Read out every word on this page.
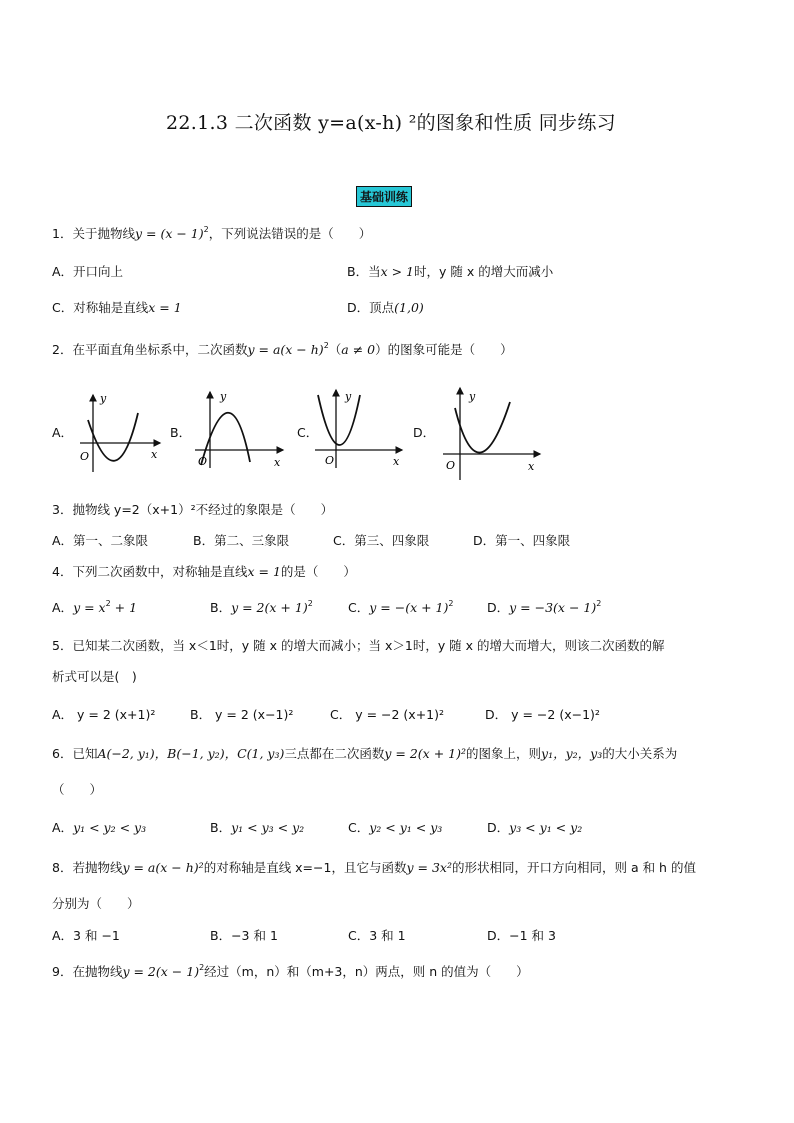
22.1.3 二次函数 y=a(x-h) ²的图象和性质 同步练习
基础训练
1．关于抛物线$y = (x - 1)^2$，下列说法错误的是（　　）
A．开口向上	B．当x > 1时，y 随 x 的增大而减小
C．对称轴是直线x = 1	D．顶点(1,0)
2．在平面直角坐标系中，二次函数$y = a(x - h)^2(a \ne 0)$的图象可能是（　　）
A．	B．	C．	D．
y
x
O
y
x
O
y
x
O
y
x
O
3．抛物线 y=2（x+1）²不经过的象限是（　　）
A．第一、二象限	B．第二、三象限	C．第三、四象限	D．第一、四象限
4．下列二次函数中，对称轴是直线x = 1的是（　　）
A．$y = x^2 + 1$	B．$y = 2(x + 1)^2$	C．$y = -(x + 1)^2$	D．$y = -3(x - 1)^2$
5．已知某二次函数，当 x＜1时，y 随 x 的增大而减小；当 x＞1时，y 随 x 的增大而增大，则该二次函数的解
析式可以是(　)
A． y = 2 (x+1)²	B． y = 2 (x−1)²	C． y = −2 (x+1)²	D． y = −2 (x−1)²
6．已知A(−2, y₁)，B(−1, y₂)，C(1, y₃)三点都在二次函数y = 2(x + 1)²的图象上，则y₁，y₂，y₃的大小关系为
（　　）
A．y₁ < y₂ < y₃	B．y₁ < y₃ < y₂	C．y₂ < y₁ < y₃	D．y₃ < y₁ < y₂
8．若抛物线y = a(x − h)²的对称轴是直线 x=−1，且它与函数y = 3x²的形状相同，开口方向相同，则 a 和 h 的值
分别为（　　）
A．3 和 −1	B．−3 和 1	C．3 和 1	D．−1 和 3
9．在抛物线$y = 2(x - 1)^2$经过（m，n）和（m+3，n）两点，则 n 的值为（　　）
